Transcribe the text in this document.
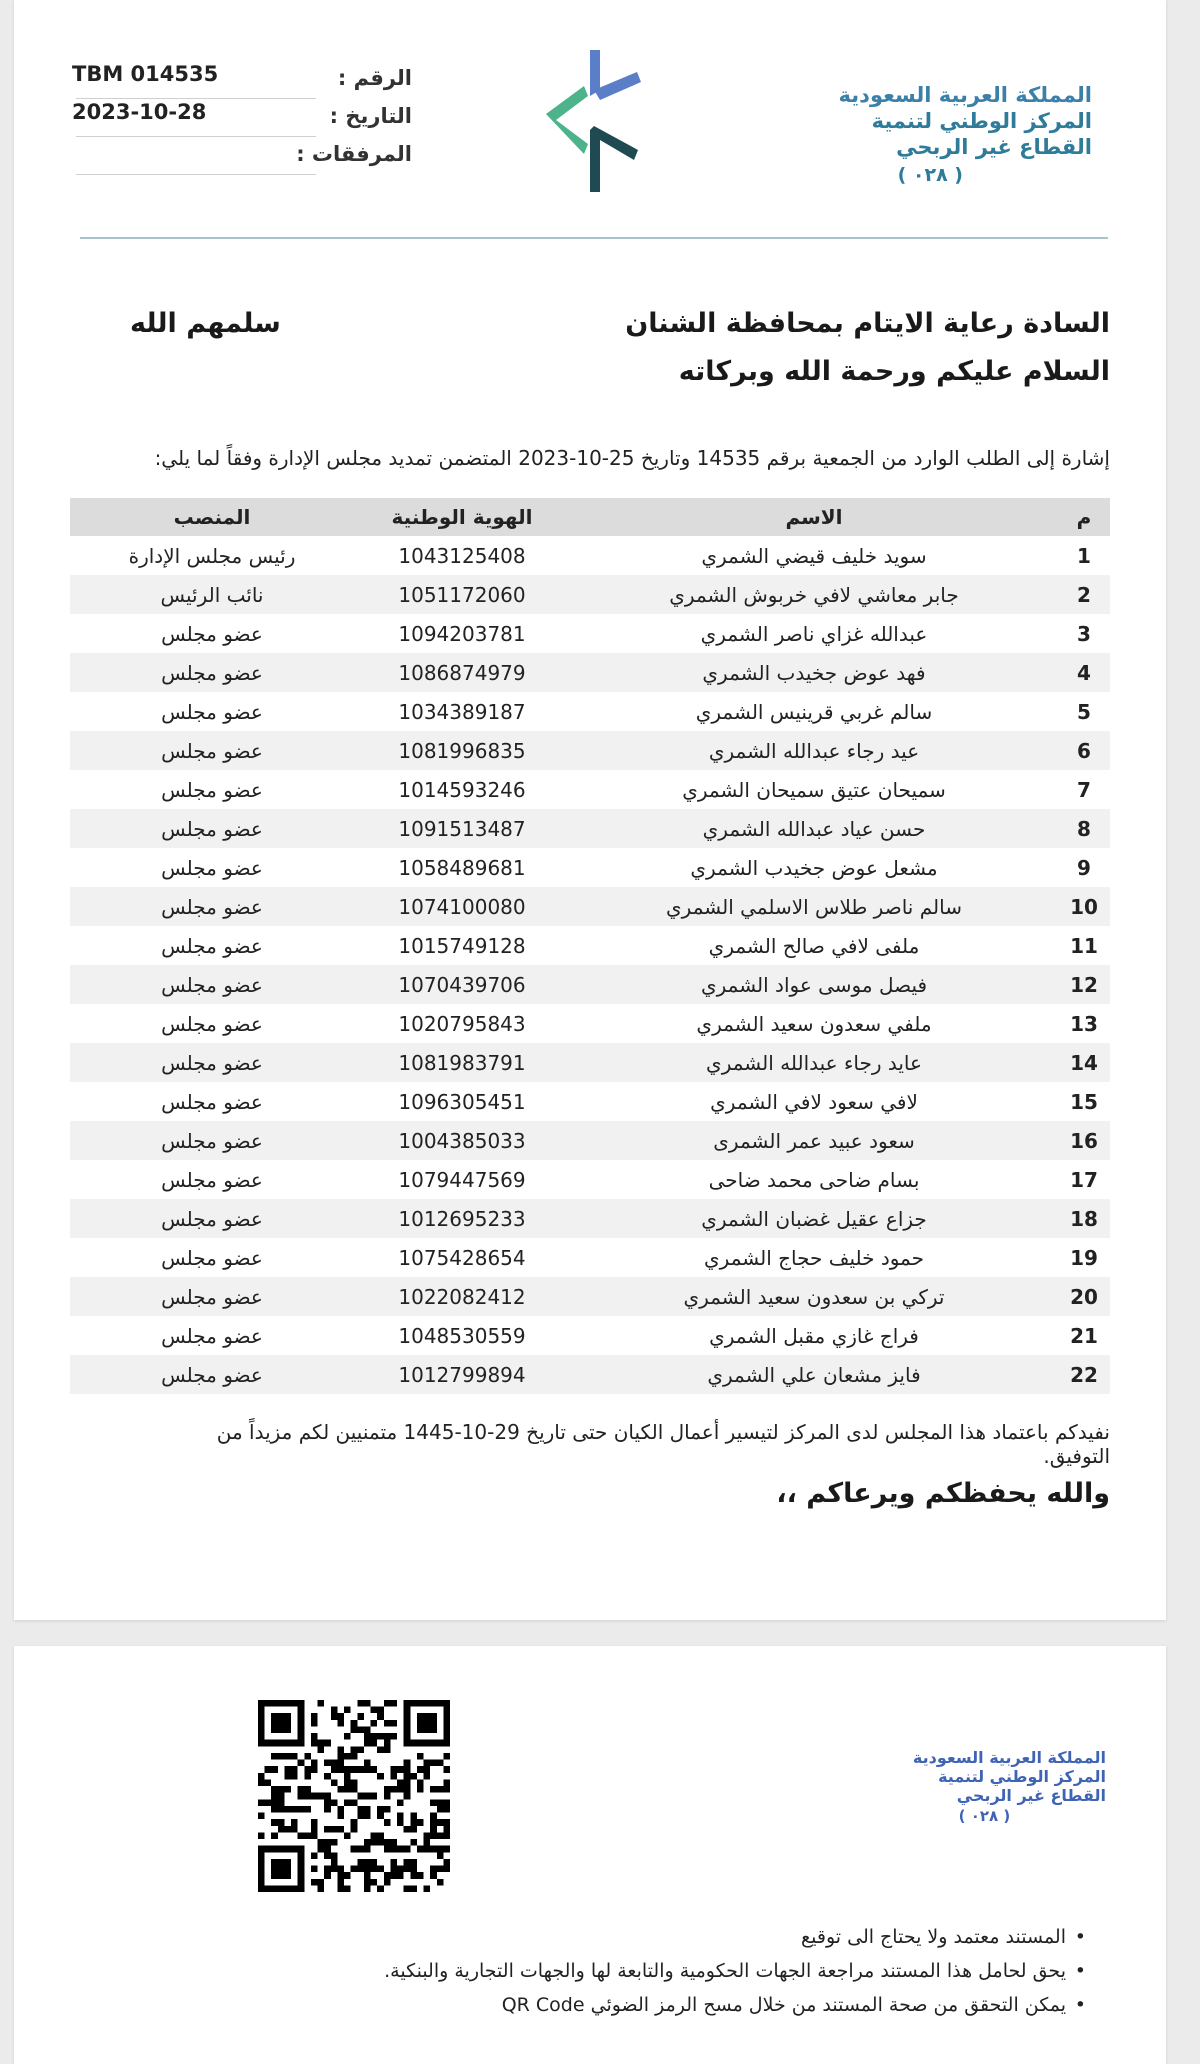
TBM 014535	الرقم :
2023-10-28	التاريخ :
المرفقات :
المملكة العربية السعودية
المركز الوطني لتنمية
القطاع غير الربحي
( ٠٢٨ )
السادة رعاية الايتام بمحافظة الشنان
سلمهم الله
السلام عليكم ورحمة الله وبركاته
إشارة إلى الطلب الوارد من الجمعية برقم 14535 وتاريخ 25-10-2023 المتضمن تمديد مجلس الإدارة وفقاً لما يلي:
م
الاسم
الهوية الوطنية
المنصب
1
سويد خليف قيضي الشمري
1043125408
رئيس مجلس الإدارة
2
جابر معاشي لافي خربوش الشمري
1051172060
نائب الرئيس
3
عبدالله غزاي ناصر الشمري
1094203781
عضو مجلس
4
فهد عوض جخيدب الشمري
1086874979
عضو مجلس
5
سالم غربي قرينيس الشمري
1034389187
عضو مجلس
6
عيد رجاء عبدالله الشمري
1081996835
عضو مجلس
7
سميحان عتيق سميحان الشمري
1014593246
عضو مجلس
8
حسن عياد عبدالله الشمري
1091513487
عضو مجلس
9
مشعل عوض جخيدب الشمري
1058489681
عضو مجلس
10
سالم ناصر طلاس الاسلمي الشمري
1074100080
عضو مجلس
11
ملفى لافي صالح الشمري
1015749128
عضو مجلس
12
فيصل موسى عواد الشمري
1070439706
عضو مجلس
13
ملفي سعدون سعيد الشمري
1020795843
عضو مجلس
14
عايد رجاء عبدالله الشمري
1081983791
عضو مجلس
15
لافي سعود لافي الشمري
1096305451
عضو مجلس
16
سعود عبيد عمر الشمرى
1004385033
عضو مجلس
17
بسام ضاحى محمد ضاحى
1079447569
عضو مجلس
18
جزاع عقيل غضبان الشمري
1012695233
عضو مجلس
19
حمود خليف حجاج الشمري
1075428654
عضو مجلس
20
تركي بن سعدون سعيد الشمري
1022082412
عضو مجلس
21
فراج غازي مقبل الشمري
1048530559
عضو مجلس
22
فايز مشعان علي الشمري
1012799894
عضو مجلس
نفيدكم باعتماد هذا المجلس لدى المركز لتيسير أعمال الكيان حتى تاريخ 29-10-1445 متمنيين لكم مزيداً من التوفيق.
والله يحفظكم ويرعاكم ،،
المملكة العربية السعودية
المركز الوطني لتنمية
القطاع غير الربحي
( ٠٢٨ )
• المستند معتمد ولا يحتاج الى توقيع
• يحق لحامل هذا المستند مراجعة الجهات الحكومية والتابعة لها والجهات التجارية والبنكية.
• يمكن التحقق من صحة المستند من خلال مسح الرمز الضوئي QR Code
